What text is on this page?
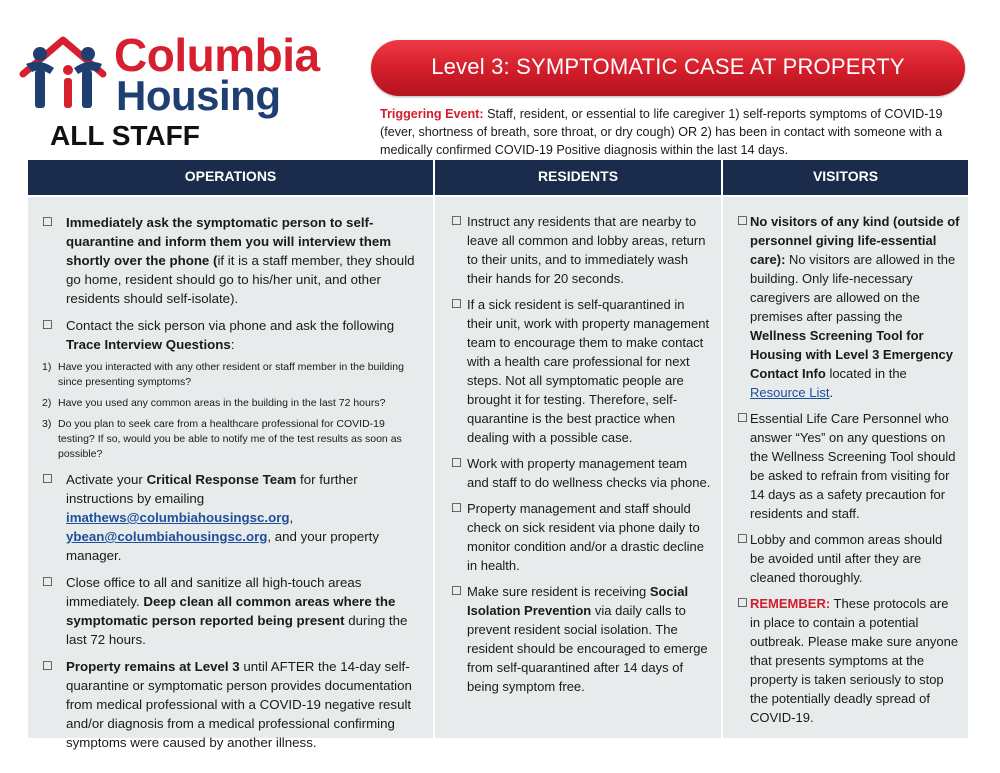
Columbia
Housing
ALL STAFF
Level 3: SYMPTOMATIC CASE AT PROPERTY
Triggering Event: Staff, resident, or essential to life caregiver 1) self-reports symptoms of COVID-19 (fever, shortness of breath, sore throat, or dry cough) OR 2) has been in contact with someone with a medically confirmed COVID-19 Positive diagnosis within the last 14 days.
OPERATIONS
☐ Immediately ask the symptomatic person to self-quarantine and inform them you will interview them shortly over the phone (if it is a staff member, they should go home, resident should go to his/her unit, and other residents should self-isolate).
☐ Contact the sick person via phone and ask the following Trace Interview Questions:
1) Have you interacted with any other resident or staff member in the building since presenting symptoms?
2) Have you used any common areas in the building in the last 72 hours?
3) Do you plan to seek care from a healthcare professional for COVID-19 testing? If so, would you be able to notify me of the test results as soon as possible?
☐ Activate your Critical Response Team for further instructions by emailing imathews@columbiahousingsc.org, ybean@columbiahousingsc.org, and your property manager.
☐ Close office to all and sanitize all high-touch areas immediately. Deep clean all common areas where the symptomatic person reported being present during the last 72 hours.
☐ Property remains at Level 3 until AFTER the 14-day self-quarantine or symptomatic person provides documentation from medical professional with a COVID-19 negative result and/or diagnosis from a medical professional confirming symptoms were caused by another illness.
RESIDENTS
☐ Instruct any residents that are nearby to leave all common and lobby areas, return to their units, and to immediately wash their hands for 20 seconds.
☐ If a sick resident is self-quarantined in their unit, work with property management team to encourage them to make contact with a health care professional for next steps. Not all symptomatic people are brought it for testing. Therefore, self-quarantine is the best practice when dealing with a possible case.
☐ Work with property management team and staff to do wellness checks via phone.
☐ Property management and staff should check on sick resident via phone daily to monitor condition and/or a drastic decline in health.
☐ Make sure resident is receiving Social Isolation Prevention via daily calls to prevent resident social isolation. The resident should be encouraged to emerge from self-quarantined after 14 days of being symptom free.
VISITORS
☐ No visitors of any kind (outside of personnel giving life-essential care): No visitors are allowed in the building. Only life-necessary caregivers are allowed on the premises after passing the Wellness Screening Tool for Housing with Level 3 Emergency Contact Info located in the Resource List.
☐ Essential Life Care Personnel who answer “Yes” on any questions on the Wellness Screening Tool should be asked to refrain from visiting for 14 days as a safety precaution for residents and staff.
☐ Lobby and common areas should be avoided until after they are cleaned thoroughly.
☐ REMEMBER: These protocols are in place to contain a potential outbreak. Please make sure anyone that presents symptoms at the property is taken seriously to stop the potentially deadly spread of COVID-19.
